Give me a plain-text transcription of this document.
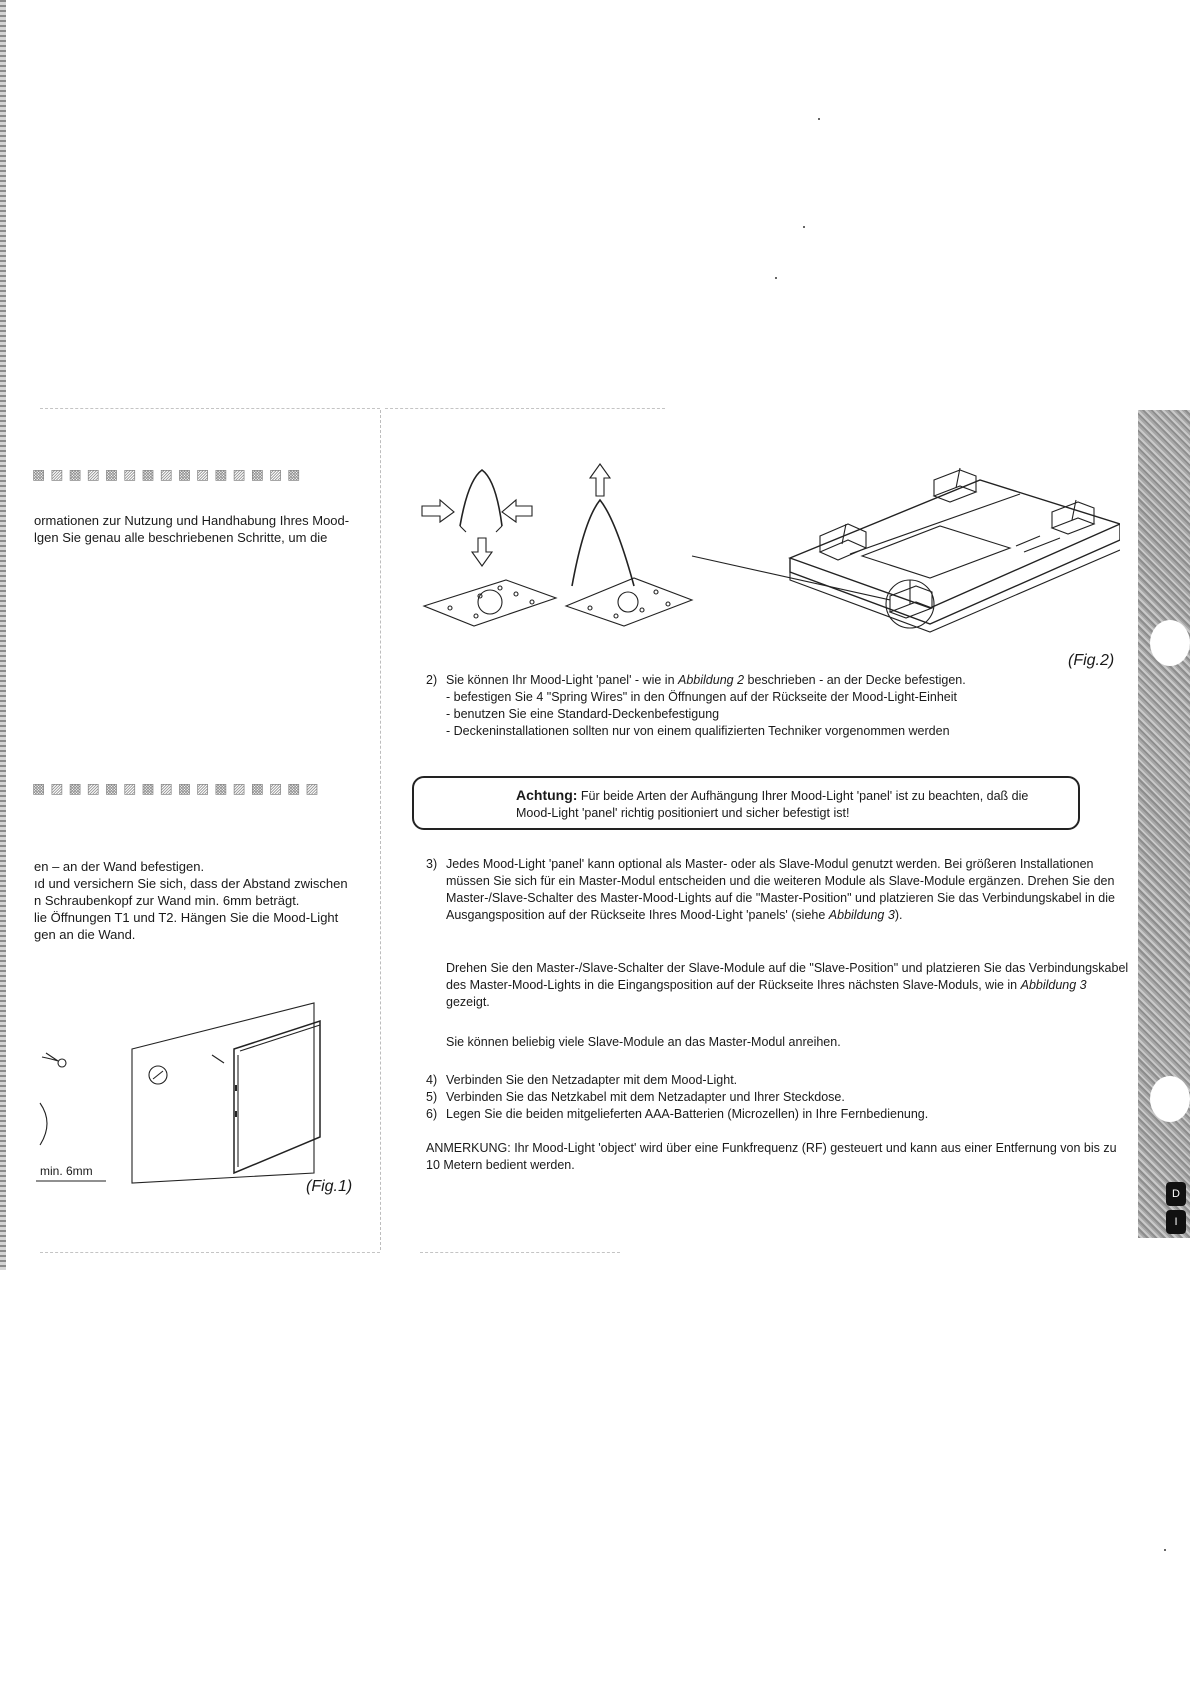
D
I
▩▨▩▨▩▨▩▨▩▨▩▨▩▨▩
ormationen zur Nutzung und Handhabung Ihres Mood-
lgen Sie genau alle beschriebenen Schritte, um die
▩▨▩▨▩▨▩▨▩▨▩▨▩▨▩▨
en – an der Wand befestigen.
ıd und versichern Sie sich, dass der Abstand zwischen
n Schraubenkopf zur Wand min. 6mm beträgt.
lie Öffnungen T1 und T2. Hängen Sie die Mood-Light
gen an die Wand.
min. 6mm
(Fig.1)
(Fig.2)
2) Sie können Ihr Mood-Light 'panel' - wie in Abbildung 2 beschrieben - an der Decke befestigen.
- befestigen Sie 4 "Spring Wires" in den Öffnungen auf der Rückseite der Mood-Light-Einheit
- benutzen Sie eine Standard-Deckenbefestigung
- Deckeninstallationen sollten nur von einem qualifizierten Techniker vorgenommen werden
Achtung: Für beide Arten der Aufhängung Ihrer Mood-Light 'panel' ist zu beachten, daß die
Mood-Light 'panel' richtig positioniert und sicher befestigt ist!
3) Jedes Mood-Light 'panel' kann optional als Master- oder als Slave-Modul genutzt werden. Bei größeren Installationen müssen Sie sich für ein Master-Modul entscheiden und die weiteren Module als Slave-Module ergänzen. Drehen Sie den Master-/Slave-Schalter des Master-Mood-Lights auf die "Master-Position" und platzieren Sie das Verbindungskabel in die Ausgangsposition auf der Rückseite Ihres Mood-Light 'panels' (siehe Abbildung 3).
Drehen Sie den Master-/Slave-Schalter der Slave-Module auf die "Slave-Position" und platzieren Sie das Verbindungskabel des Master-Mood-Lights in die Eingangsposition auf der Rückseite Ihres nächsten Slave-Moduls, wie in Abbildung 3 gezeigt.
Sie können beliebig viele Slave-Module an das Master-Modul anreihen.
4) Verbinden Sie den Netzadapter mit dem Mood-Light.
5) Verbinden Sie das Netzkabel mit dem Netzadapter und Ihrer Steckdose.
6) Legen Sie die beiden mitgelieferten AAA-Batterien (Microzellen) in Ihre Fernbedienung.
ANMERKUNG: Ihr Mood-Light 'object' wird über eine Funkfrequenz (RF) gesteuert und kann aus einer Entfernung von bis zu 10 Metern bedient werden.
